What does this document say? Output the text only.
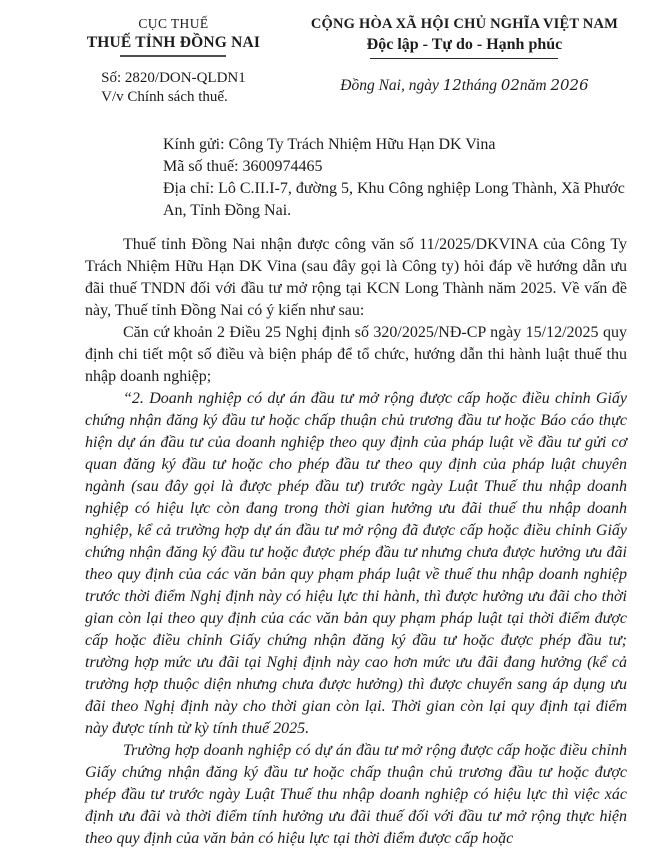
CỤC THUẾ
THUẾ TỈNH ĐỒNG NAI
Số: 2820/DON-QLDN1
V/v Chính sách thuế.
CỘNG HÒA XÃ HỘI CHỦ NGHĨA VIỆT NAM
Độc lập - Tự do - Hạnh phúc
Đồng Nai, ngày 12 tháng 02 năm 2026
Kính gửi: Công Ty Trách Nhiệm Hữu Hạn DK Vina
Mã số thuế: 3600974465
Địa chỉ: Lô C.II.I-7, đường 5, Khu Công nghiệp Long Thành, Xã Phước An, Tỉnh Đồng Nai.

Thuế tỉnh Đồng Nai nhận được công văn số 11/2025/DKVINA của Công Ty Trách Nhiệm Hữu Hạn DK Vina (sau đây gọi là Công ty) hỏi đáp về hướng dẫn ưu đãi thuế TNDN đối với đầu tư mở rộng tại KCN Long Thành năm 2025. Về vấn đề này, Thuế tỉnh Đồng Nai có ý kiến như sau:

Căn cứ khoản 2 Điều 25 Nghị định số 320/2025/NĐ-CP ngày 15/12/2025 quy định chi tiết một số điều và biện pháp để tổ chức, hướng dẫn thi hành luật thuế thu nhập doanh nghiệp;

“2. Doanh nghiệp có dự án đầu tư mở rộng được cấp hoặc điều chỉnh Giấy chứng nhận đăng ký đầu tư hoặc chấp thuận chủ trương đầu tư hoặc Báo cáo thực hiện dự án đầu tư của doanh nghiệp theo quy định của pháp luật về đầu tư gửi cơ quan đăng ký đầu tư hoặc cho phép đầu tư theo quy định của pháp luật chuyên ngành (sau đây gọi là được phép đầu tư) trước ngày Luật Thuế thu nhập doanh nghiệp có hiệu lực còn đang trong thời gian hưởng ưu đãi thuế thu nhập doanh nghiệp, kể cả trường hợp dự án đầu tư mở rộng đã được cấp hoặc điều chỉnh Giấy chứng nhận đăng ký đầu tư hoặc được phép đầu tư nhưng chưa được hưởng ưu đãi theo quy định của các văn bản quy phạm pháp luật về thuế thu nhập doanh nghiệp trước thời điểm Nghị định này có hiệu lực thi hành, thì được hưởng ưu đãi cho thời gian còn lại theo quy định của các văn bản quy phạm pháp luật tại thời điểm được cấp hoặc điều chỉnh Giấy chứng nhận đăng ký đầu tư hoặc được phép đầu tư; trường hợp mức ưu đãi tại Nghị định này cao hơn mức ưu đãi đang hưởng (kể cả trường hợp thuộc diện nhưng chưa được hưởng) thì được chuyển sang áp dụng ưu đãi theo Nghị định này cho thời gian còn lại. Thời gian còn lại quy định tại điểm này được tính từ kỳ tính thuế 2025.

Trường hợp doanh nghiệp có dự án đầu tư mở rộng được cấp hoặc điều chỉnh Giấy chứng nhận đăng ký đầu tư hoặc chấp thuận chủ trương đầu tư hoặc được phép đầu tư trước ngày Luật Thuế thu nhập doanh nghiệp có hiệu lực thì việc xác định ưu đãi và thời điểm tính hưởng ưu đãi thuế đối với đầu tư mở rộng thực hiện theo quy định của văn bản có hiệu lực tại thời điểm được cấp hoặc
